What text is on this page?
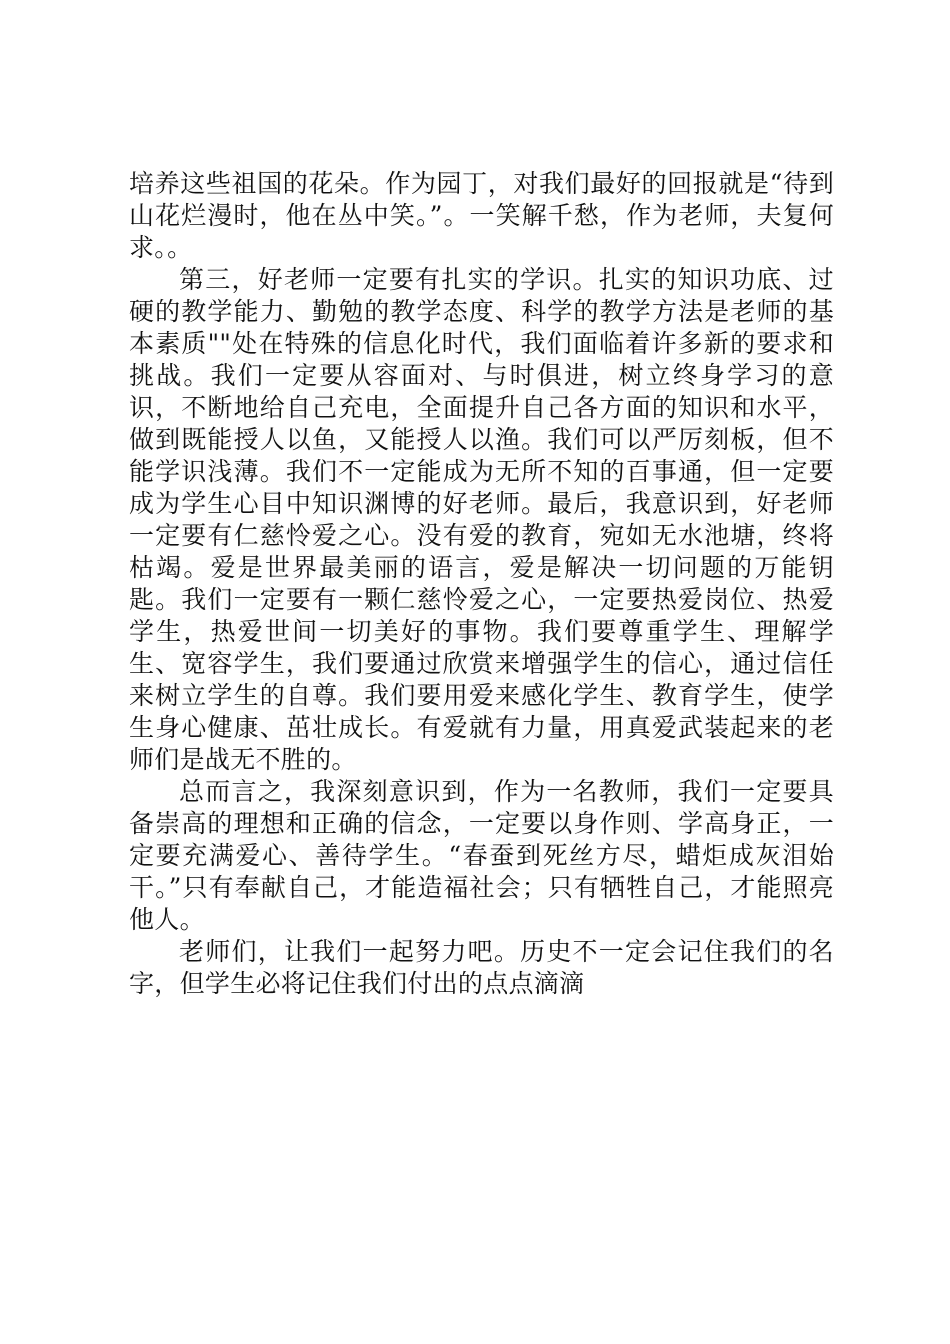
培养这些祖国的花朵。作为园丁，对我们最好的回报就是“待到山花烂漫时，他在丛中笑。”。一笑解千愁，作为老师，夫复何求。。

第三，好老师一定要有扎实的学识。扎实的知识功底、过硬的教学能力、勤勉的教学态度、科学的教学方法是老师的基本素质""处在特殊的信息化时代，我们面临着许多新的要求和挑战。我们一定要从容面对、与时俱进，树立终身学习的意识，不断地给自己充电，全面提升自己各方面的知识和水平，做到既能授人以鱼，又能授人以渔。我们可以严厉刻板，但不能学识浅薄。我们不一定能成为无所不知的百事通，但一定要成为学生心目中知识渊博的好老师。最后，我意识到，好老师一定要有仁慈怜爱之心。没有爱的教育，宛如无水池塘，终将枯竭。爱是世界最美丽的语言，爱是解决一切问题的万能钥匙。我们一定要有一颗仁慈怜爱之心，一定要热爱岗位、热爱学生，热爱世间一切美好的事物。我们要尊重学生、理解学生、宽容学生，我们要通过欣赏来增强学生的信心，通过信任来树立学生的自尊。我们要用爱来感化学生、教育学生，使学生身心健康、茁壮成长。有爱就有力量，用真爱武装起来的老师们是战无不胜的。

总而言之，我深刻意识到，作为一名教师，我们一定要具备崇高的理想和正确的信念，一定要以身作则、学高身正，一定要充满爱心、善待学生。“春蚕到死丝方尽，蜡炬成灰泪始干。”只有奉献自己，才能造福社会；只有牺牲自己，才能照亮他人。

老师们，让我们一起努力吧。历史不一定会记住我们的名字，但学生必将记住我们付出的点点滴滴
